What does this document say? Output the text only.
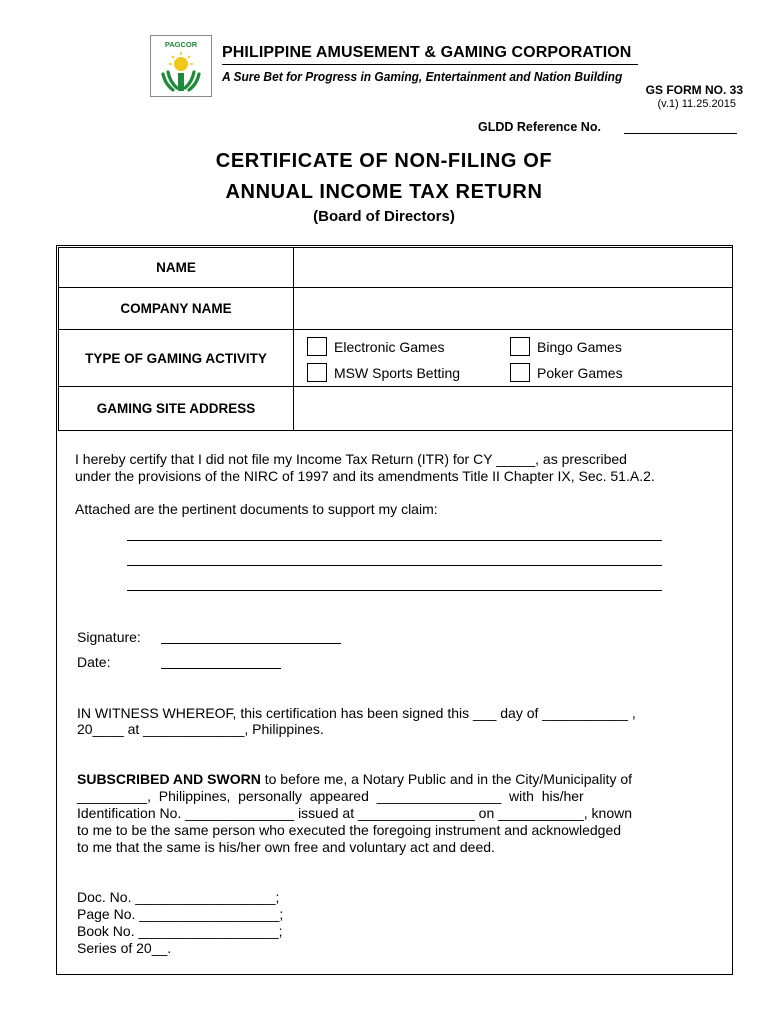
PAGCOR PHILIPPINE AMUSEMENT & GAMING CORPORATION
A Sure Bet for Progress in Gaming, Entertainment and Nation Building
GS FORM NO. 33
(v.1) 11.25.2015
GLDD Reference No.
CERTIFICATE OF NON-FILING OF
ANNUAL INCOME TAX RETURN
(Board of Directors)
NAME	
COMPANY NAME	
TYPE OF GAMING ACTIVITY	Electronic Games Bingo Games
MSW Sports Betting Poker Games

GAMING SITE ADDRESS	
I hereby certify that I did not file my Income Tax Return (ITR) for CY _____, as prescribed
under the provisions of the NIRC of 1997 and its amendments Title II Chapter IX, Sec. 51.A.2.
Attached are the pertinent documents to support my claim:
Signature:
Date:
IN WITNESS WHEREOF, this certification has been signed this ___ day of ___________ ,
20____ at _____________, Philippines.
SUBSCRIBED AND SWORN to before me, a Notary Public and in the City/Municipality of
_________,  Philippines,  personally  appeared  ________________  with  his/her
Identification No. ______________ issued at _______________ on ___________, known
to me to be the same person who executed the foregoing instrument and acknowledged
to me that the same is his/her own free and voluntary act and deed.
Doc. No. __________________;
Page No. __________________;
Book No. __________________;
Series of 20__.
